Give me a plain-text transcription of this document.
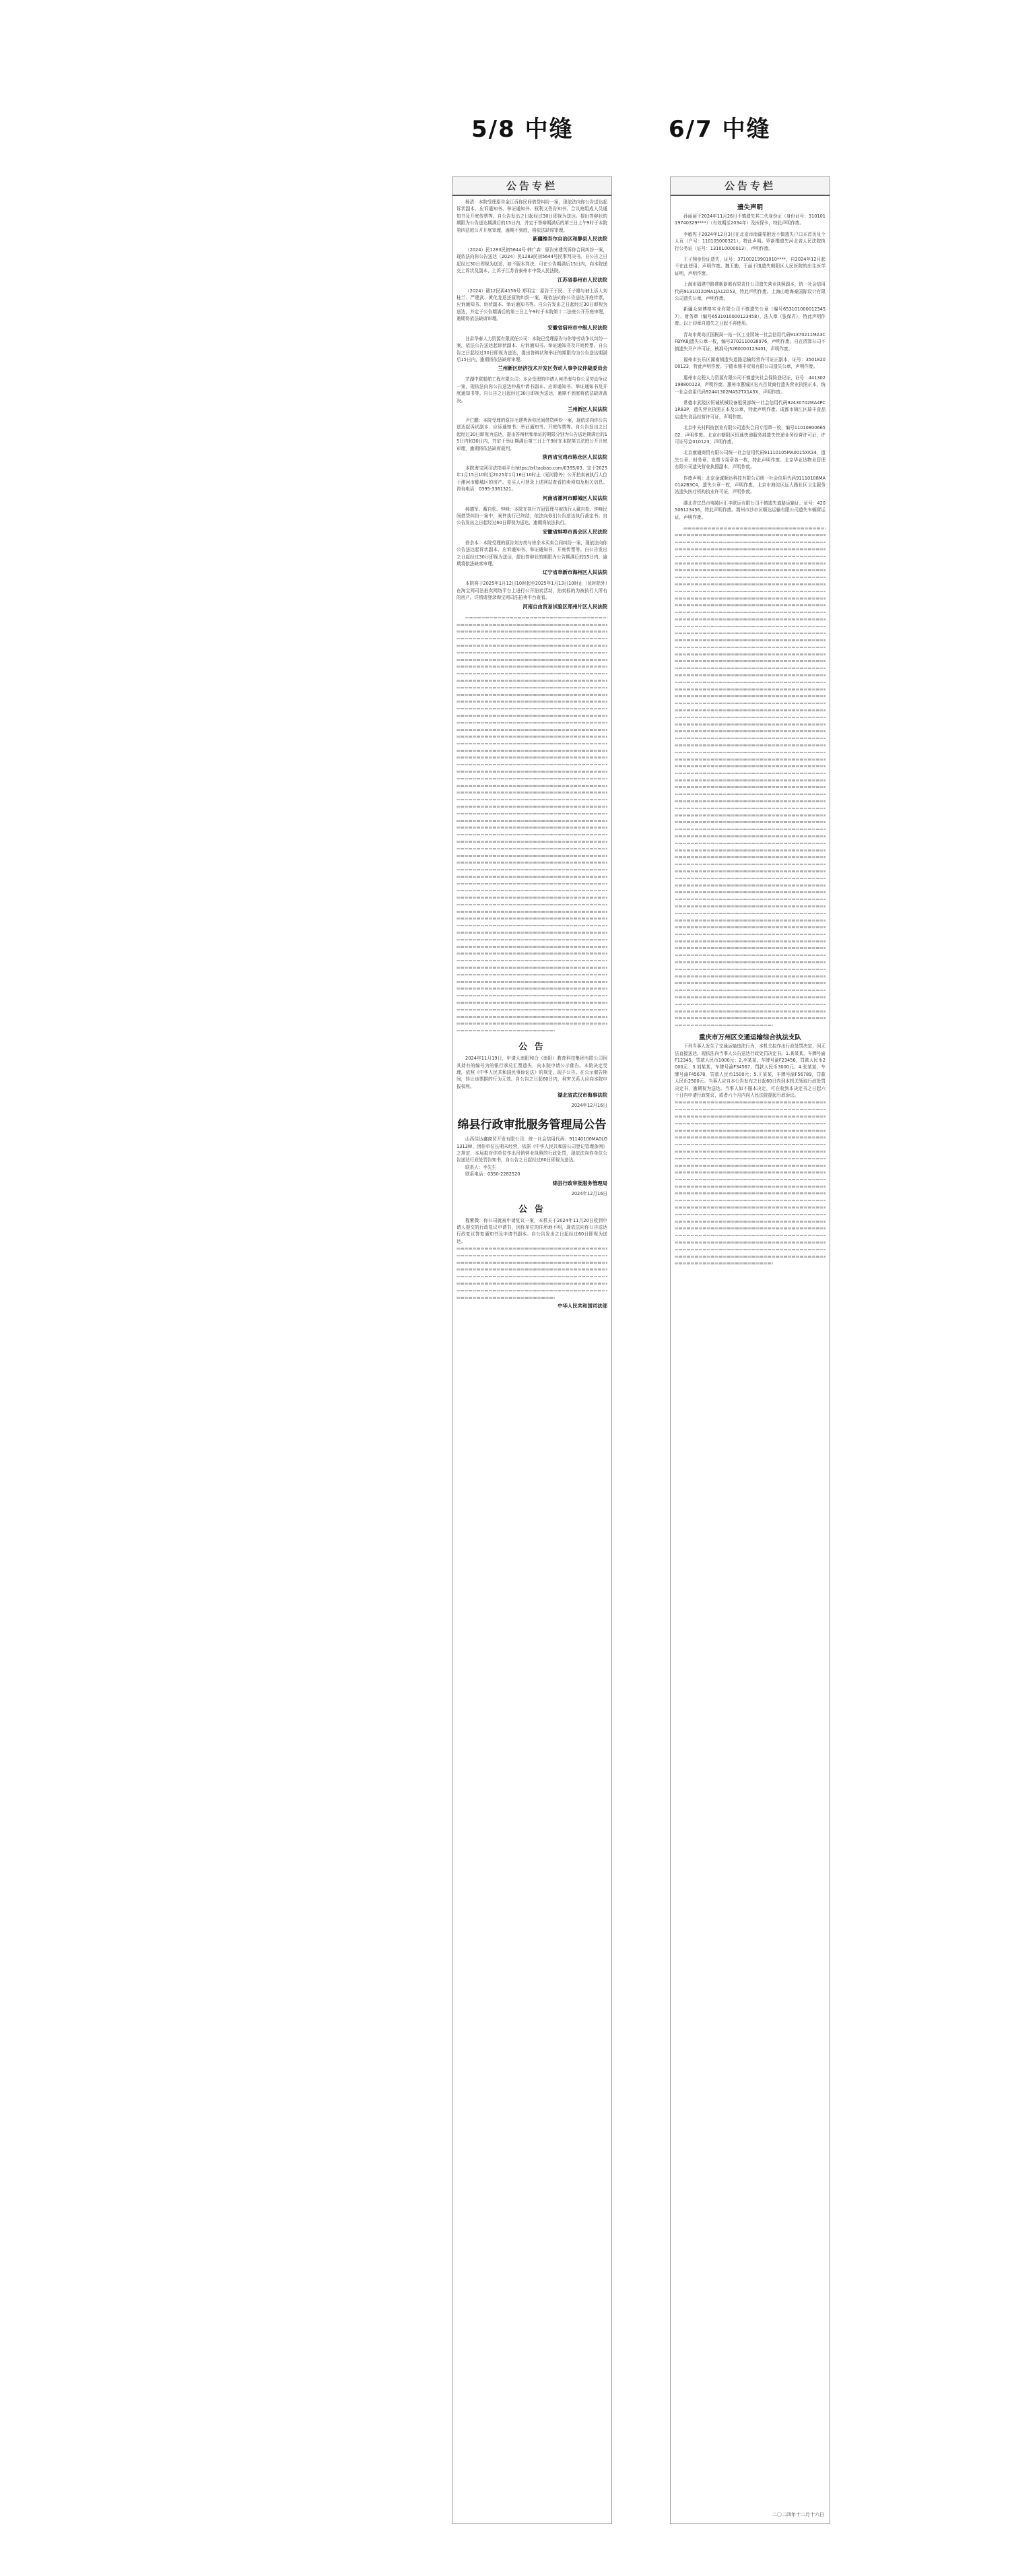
5/8 中缝	6/7 中缝
公告专栏

杨清：本院受理原告金江诉你民间借贷纠纷一案，现依法向你公告送达起诉状副本、应诉通知书、举证通知书、权利义务告知书、合议庭组成人员通知书及开庭传票等。自公告发出之日起经过30日即视为送达。提出答辩状的期限为公告送达期满后的15日内，并定于答辩期满后的第三日上午9时于本院第四法庭公开开庭审理，逾期不到庭，将依法缺席审理。

新疆维吾尔自治区和静县人民法院

（2024）民1283民初5644号 韩广森：原告宋建英诉你合同纠纷一案，现依法向你公告送达（2024）民1283民初5644号民事判决书。自公告之日起经过30日即视为送达，如不服本判决，可在公告期满后15日内，向本院递交上诉状及副本，上诉于江苏省泰州市中级人民法院。

江苏省泰州市人民法院

（2024）赣12民再4156号 郑明宝：原告王于民、王子雄与被上诉人刘桂兰、严建武、黄化龙返还原物纠纷一案，现依法向你公告送达开庭传票，应诉通知书、诉状副本、举证通知书等。自公告发出之日起经过30日即视为送达，并定于公告期满后的第三日上午9时于本院第十二法庭公开开庭审理，逾期将依法缺席审理。

安徽省宿州市中级人民法院

甘肃华泰人力资源有限责任公司：本院已受理原告与你等劳动争议纠纷一案，依法公告送达起诉状副本、应诉通知书、举证通知书及开庭传票。自公告之日起经过30日即视为送达，提出答辩状和举证的期限均为公告送达期满后15日内，逾期将依法缺席审理。

兰州新区经济技术开发区劳动人事争议仲裁委员会

芜湖中联船舶工程有限公司：本会受理的申请人何青海与你公司劳动争议一案，现依法向你公告送达仲裁申请书副本、应诉通知书、举证通知书及开庭通知书等。自公告之日起经过30日即视为送达，逾期不到庭将依法缺席裁决。

兰州新区人民法院

尹仁鹏：本院受理的原告毛建勇诉你民间借贷纠纷一案，现依法向你公告送达起诉状副本、应诉通知书、举证通知书、开庭传票等。自公告发出之日起经过30日即视为送达，提出答辩状和举证的期限分别为公告送达期满后的15日内和30日内，并定于举证期满后第三日上午9时在本院第五法庭公开开庭审理，逾期将依法缺席裁判。

陕西省宝鸡市陈仓区人民法院

本院海宝网司法拍卖平台https://sf.taobao.com/0395/03，定于2025年1月15日10时至2025年1月16日10时止（延时除外）公开拍卖被执行人位于漯河市郾城区的房产。竞买人可登录上述网站查看拍卖须知及相关信息。咨询电话：0395-3361321。

河南省漯河市郾城区人民法院

郝德军、戴自松、钟峰：本院在执行万冠管理与被执行人戴自松、钟峰民间借贷纠纷一案中，案件执行已终结，依法向你们公告送达执行裁定书。自公告发出之日起经过60日即视为送达，逾期将依法执行。

安徽省蚌埠市禹会区人民法院

徐余本：本院受理的原告刘方亮与徐余本买卖合同纠纷一案，现依法向你公告送达起诉状副本、应诉通知书、举证通知书、开庭传票等。自公告发出之日起经过30日即视为送达，提出答辩状的期限为公告期满后的15日内，逾期将依法缺席审理。

辽宁省阜新市海州区人民法院

本院将于2025年1月12日10时起至2025年1月13日10时止（延时除外）在淘宝网司法拍卖网络平台上进行公开拍卖活动，拍卖标的为被执行人所有的房产。详情请登录淘宝网司法拍卖平台查看。

河南自由贸易试验区郑州片区人民法院
公 告

2024年11月19日，申请人南阳和合（南阳）教育科技集团有限公司因其持有的编号为的银行承兑汇票遗失，向本院申请公示催告。本院决定受理，依照《中华人民共和国民事诉讼法》的规定，现予公告。在公示催告期间，转让该票据的行为无效。自公告之日起60日内，利害关系人应向本院申报权利。

湖北省武汉市海事法院
2024年12月16日
绵县行政审批服务管理局公告

山西佳达鑫商贸开发有限公司：统一社会信用代码：91140100MA0LG1313W，因你单位长期未经营，依据《中华人民共和国公司登记管理条例》之规定，本局拟对你单位作出吊销营业执照的行政处罚，现依法向你单位公告送达行政处罚告知书，自公告之日起经过60日即视为送达。

联系人：李先生

联系电话：0350-2282520

绵县行政审批服务管理局
2024年12月16日
公 告

程紫微：你公司就被申请复议一案，本机关于2024年11月20日收到申请人提交的行政复议申请书，因你单位的住所地不明，现依法向你公告送达行政复议答复通知书及申请书副本。自公告发出之日起经过60日即视为送达。

中华人民共和国司法部
公告专栏
遗失声明

孙丽丽于2024年11月26日不慎遗失其二代身份证（身份证号：31010119740329****）（有效期至2034年）及医保卡，特此声明作废。

李敏宪于2024年12月3日在北京市南湖渠附近不慎遗失户口本首页及个人页（户号：110105000321），特此声明。罗新楷遗失河北省人民法院执行公务证（证号：131010000013），声明作废。

王子翔身份证遗失，证号：37100219901010****，自2024年12月起不在此使用，声明作废。魏玉勤，王丽不慎遗失朝阳区人民医院的出生医学证明，声明作废。

上海市福建中路建新新都有限责任公司遗失营业执照副本，统一社会信用代码91310120MA1JA12D53，特此声明作废。上海山地海泰国际设计有限公司遗失公章，声明作废。

新疆众泉博格实业有限公司不慎遗失公章（编号6531010000123457）、财务章（编号6531010000123458），法人章（张保君），特此声明作废。以上印章自遗失之日起不再使用。

青岛市黄岛区国税局一站一区工业园统一社会信用代码91370211MA3CFBYK8J遗失公章一枚，编号3702110038976，声明作废。自在清算公司不慎遗失开户许可证，核准号J5260000123401，声明作废。

福州市长乐区湖南镇遗失道路运输经营许可证正副本，证号：350182000123，特此声明作废。宁德市鼎丰贸易有限公司遗失公章，声明作废。

惠州市众程人力资源有限公司不慎遗失社会保险登记证，证号：441302198800123，声明作废。惠州市惠城区宏兴百货商行遗失营业执照正本，统一社会信用代码92441302MA52TX1A5X，声明作废。

常德市武陵区恒诚机械设备租赁部统一社会信用代码92430702MA4PC1R83P，遗失营业执照正本及公章，特此声明作废。成都市锦江区瑞丰食品店遗失食品经营许可证，声明作废。

北京中关村科技创业有限公司遗失合同专用章一枚，编号1101080066502，声明作废。北京市朝阳区恒通快递服务部遗失快递业务经营许可证，许可证号京010123，声明作废。

北京康通商贸有限公司统一社会信用代码91110105MA0015XK34，遗失公章、财务章、发票专用章各一枚，特此声明作废。北京华亚达物业管理有限公司遗失营业执照副本，声明作废。

作废声明：北京金诚顺达科技有限公司统一社会信用代码91110108MA01A2B3C4，遗失公章一枚，声明作废。北京市海淀区远大路社区卫生服务站遗失医疗机构执业许可证，声明作废。

湖北省宜昌市夷陵区汇丰联运有限公司不慎遗失道路运输证，证号：420506123456，特此声明作废。荆州市沙市区顺达运输有限公司遗失车辆营运证，声明作废。

重庆市万州区交通运输综合执法支队

下列当事人发生了交通运输违法行为，本机关拟作出行政处罚决定，因无法直接送达，现依法向当事人公告送达行政处罚决定书。1.龚某某，车牌号渝F12345，罚款人民币1000元；2.李某某，车牌号渝F23456，罚款人民币2000元；3.刘某某，车牌号渝F34567，罚款人民币3000元；4.张某某，车牌号渝F45678，罚款人民币1500元；5.王某某，车牌号渝F56789，罚款人民币2500元。当事人应自本公告发布之日起60日内到本机关领取行政处罚决定书，逾期视为送达。当事人如不服本决定，可在收到本决定书之日起六十日内申请行政复议，或者六个月内向人民法院提起行政诉讼。

二〇二四年十二月十六日
